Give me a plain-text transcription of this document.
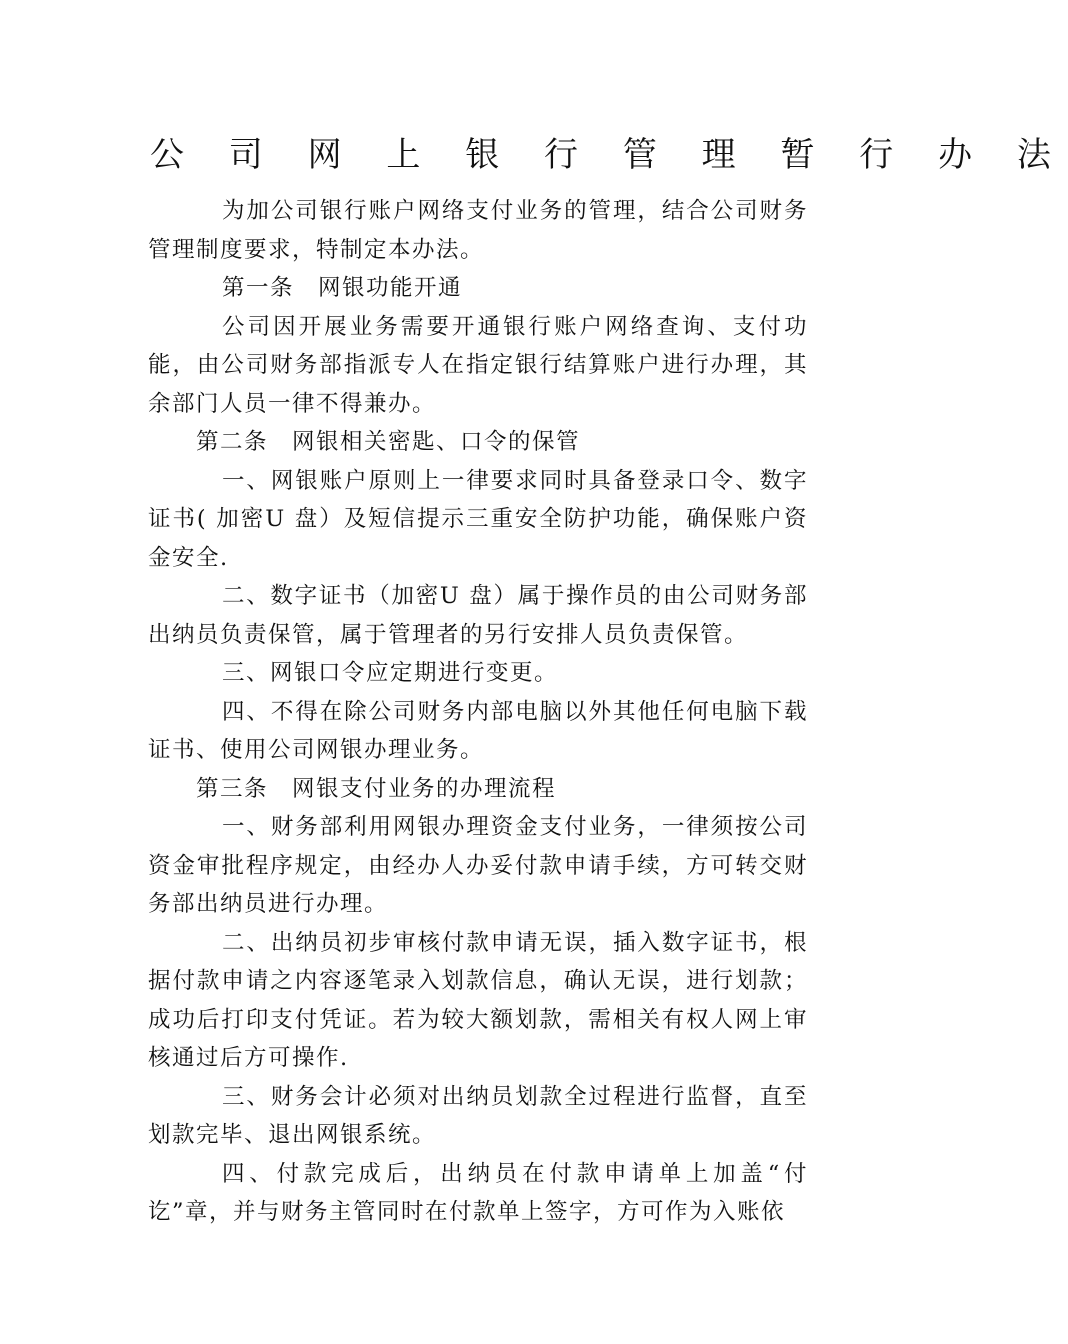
公 司 网 上 银 行 管 理 暂 行 办 法

为加公司银行账户网络支付业务的管理，结合公司财务管理制度要求，特制定本办法。

第一条　网银功能开通

公司因开展业务需要开通银行账户网络查询、支付功能，由公司财务部指派专人在指定银行结算账户进行办理，其余部门人员一律不得兼办。

第二条　网银相关密匙、口令的保管

一、网银账户原则上一律要求同时具备登录口令、数字证书( 加密U 盘）及短信提示三重安全防护功能，确保账户资金安全.

二、数字证书（加密U 盘）属于操作员的由公司财务部出纳员负责保管，属于管理者的另行安排人员负责保管。

三、网银口令应定期进行变更。

四、不得在除公司财务内部电脑以外其他任何电脑下载证书、使用公司网银办理业务。

第三条　网银支付业务的办理流程

一、财务部利用网银办理资金支付业务，一律须按公司资金审批程序规定，由经办人办妥付款申请手续，方可转交财务部出纳员进行办理。

二、出纳员初步审核付款申请无误，插入数字证书，根据付款申请之内容逐笔录入划款信息，确认无误，进行划款；成功后打印支付凭证。若为较大额划款，需相关有权人网上审核通过后方可操作.

三、财务会计必须对出纳员划款全过程进行监督，直至划款完毕、退出网银系统。

四、付款完成后，出纳员在付款申请单上加盖“付讫”章，并与财务主管同时在付款单上签字，方可作为入账依
